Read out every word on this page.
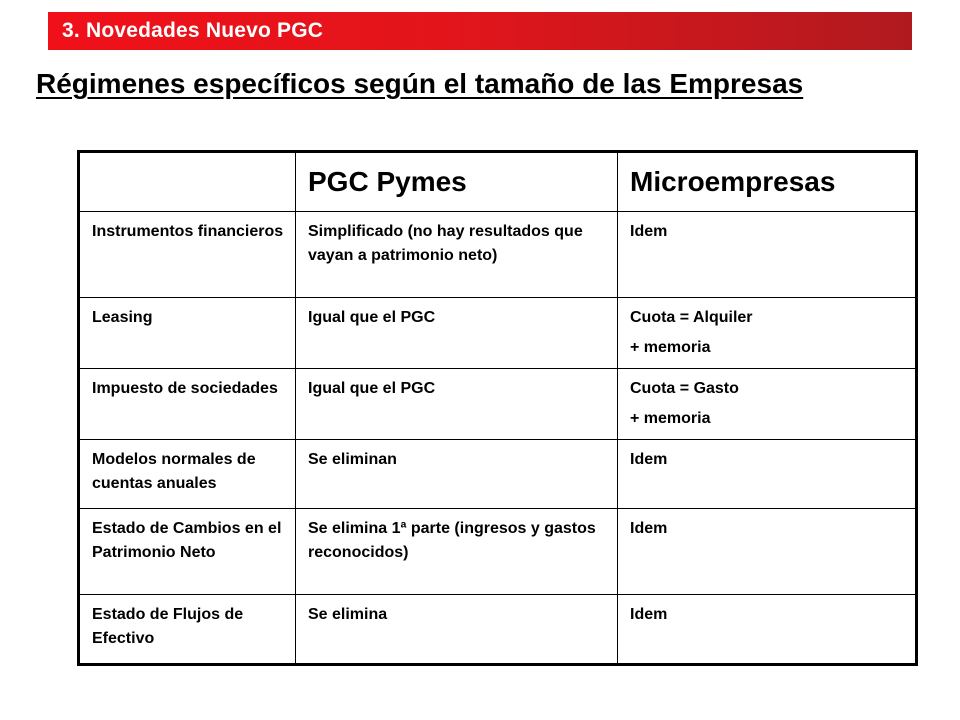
3. Novedades Nuevo PGC
Régimenes específicos según el tamaño de las Empresas
	PGC Pymes	Microempresas
Instrumentos financieros	Simplificado (no hay resultados que vayan a patrimonio neto)	Idem

Leasing	Igual que el PGC	Cuota = Alquiler
+ memoria

Impuesto de sociedades	Igual que el PGC	Cuota = Gasto
+ memoria

Modelos normales de cuentas anuales	Se eliminan	Idem

Estado de Cambios en el Patrimonio Neto	Se elimina 1ª parte (ingresos y gastos reconocidos)	Idem

Estado de Flujos de Efectivo	Se elimina	Idem
